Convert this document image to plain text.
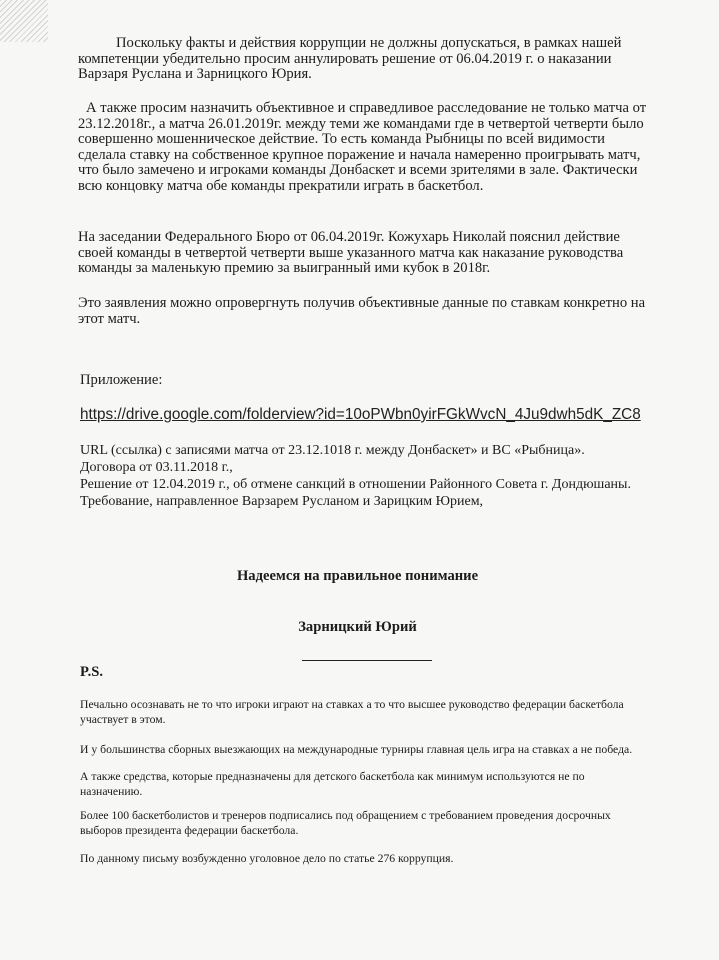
Поскольку факты и действия коррупции не должны допускаться, в рамках нашей компетенции убедительно просим аннулировать решение от 06.04.2019 г. о наказании Варзаря Руслана и Зарницкого Юрия.

А также просим назначить объективное и справедливое расследование не только матча от 23.12.2018г., а матча 26.01.2019г. между теми же командами где в четвертой четверти было совершенно мошенническое действие. То есть команда Рыбницы по всей видимости сделала ставку на собственное крупное поражение и начала намеренно проигрывать матч, что было замечено и игроками команды Донбаскет и всеми зрителями в зале. Фактически всю концовку матча обе команды прекратили играть в баскетбол.

На заседании Федерального Бюро от 06.04.2019г. Кожухарь Николай пояснил действие своей команды в четвертой четверти выше указанного матча как наказание руководства команды за маленькую премию за выигранный ими кубок в 2018г.

Это заявления можно опровергнуть получив объективные данные по ставкам конкретно на этот матч.

Приложение:

https://drive.google.com/folderview?id=10oPWbn0yirFGkWvcN_4Ju9dwh5dK_ZC8

URL (ссылка) с записями матча от 23.12.1018 г. между Донбаскет» и ВС «Рыбница».

Договора от 03.11.2018 г.,

Решение от 12.04.2019 г., об отмене санкций в отношении Районного Совета г. Дондюшаны.

Требование, направленное Варзарем Русланом и Зарицким Юрием,

Надеемся на правильное понимание

Зарницкий Юрий

P.S.

Печально осознавать не то что игроки играют на ставках а то что высшее руководство федерации баскетбола участвует в этом.

И у большинства сборных выезжающих на международные турниры главная цель игра на ставках а не победа.

А также средства, которые предназначены для детского баскетбола как минимум используются не по назначению.

Более 100 баскетболистов и тренеров подписались под обращением с требованием проведения досрочных выборов президента федерации баскетбола.

По данному письму возбужденно уголовное дело по статье 276 коррупция.
